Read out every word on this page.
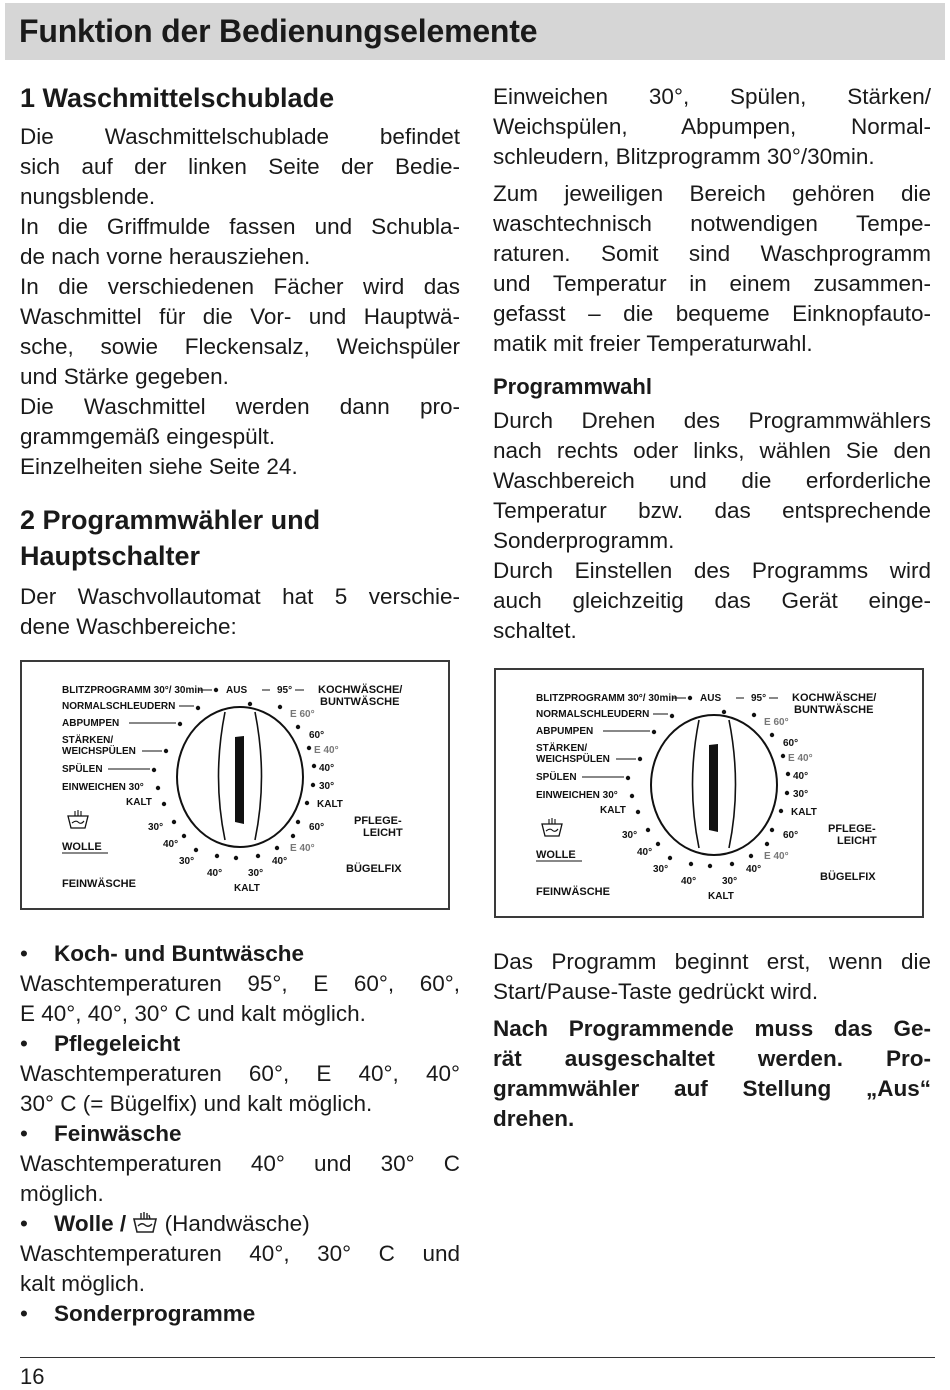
Funktion der Bedienungselemente

1 Waschmittelschublade

Die Waschmittelschublade befindet

sich auf der linken Seite der Bedie-

nungsblende.

In die Griffmulde fassen und Schubla-

de nach vorne herausziehen.

In die verschiedenen Fächer wird das

Waschmittel für die Vor- und Hauptwä-

sche, sowie Fleckensalz, Weichspüler

und Stärke gegeben.

Die Waschmittel werden dann pro-

grammgemäß eingespült.

Einzelheiten siehe Seite 24.

2 Programmwähler und

Hauptschalter

Der Waschvollautomat hat 5 verschie-

dene Waschbereiche:

Einweichen 30°, Spülen, Stärken/

Weichspülen, Abpumpen, Normal-

schleudern, Blitzprogramm 30°/30min.

Zum jeweiligen Bereich gehören die

waschtechnisch notwendigen Tempe-

raturen. Somit sind Waschprogramm

und Temperatur in einem zusammen-

gefasst – die bequeme Einknopfauto-

matik mit freier Temperaturwahl.

Programmwahl

Durch Drehen des Programmwählers

nach rechts oder links, wählen Sie den

Waschbereich und die erforderliche

Temperatur bzw. das entsprechende

Sonderprogramm.

Durch Einstellen des Programms wird

auch gleichzeitig das Gerät einge-

schaltet.

BLITZPROGRAMM 30°/ 30min
NORMALSCHLEUDERN
ABPUMPEN
STÄRKEN/
WEICHSPÜLEN
SPÜLEN
EINWEICHEN 30°
KALT
30°
WOLLE	40°
30°
FEINWÄSCHE
40°	30°
KALT
40°
E 40°
BÜGELFIX
AUS	95° KOCHWÄSCHE/
BUNTWÄSCHE
E 60°
60°
E 40°
40°
30°
KALT
60°
PFLEGE-
LEICHT
BLITZPROGRAMM 30°/ 30min
NORMALSCHLEUDERN
ABPUMPEN
STÄRKEN/
WEICHSPÜLEN
SPÜLEN
EINWEICHEN 30°
KALT
30°
WOLLE	40°
30°
FEINWÄSCHE
40°	30°
KALT
40°
E 40°
BÜGELFIX
AUS	95° KOCHWÄSCHE/
BUNTWÄSCHE
E 60°
60°
E 40°
40°
30°
KALT
60°
PFLEGE-
LEICHT

• Koch- und Buntwäsche

Waschtemperaturen 95°, E 60°, 60°,

E 40°, 40°, 30° C und kalt möglich.

• Pflegeleicht

Waschtemperaturen 60°, E 40°, 40°

30° C (= Bügelfix) und kalt möglich.

• Feinwäsche

Waschtemperaturen 40° und 30° C

möglich.

• Wolle / (Handwäsche)

Waschtemperaturen 40°, 30° C und

kalt möglich.

• Sonderprogramme

Das Programm beginnt erst, wenn die

Start/Pause-Taste gedrückt wird.

Nach Programmende muss das Ge-

rät ausgeschaltet werden. Pro-

grammwähler auf Stellung „Aus“

drehen.

16
